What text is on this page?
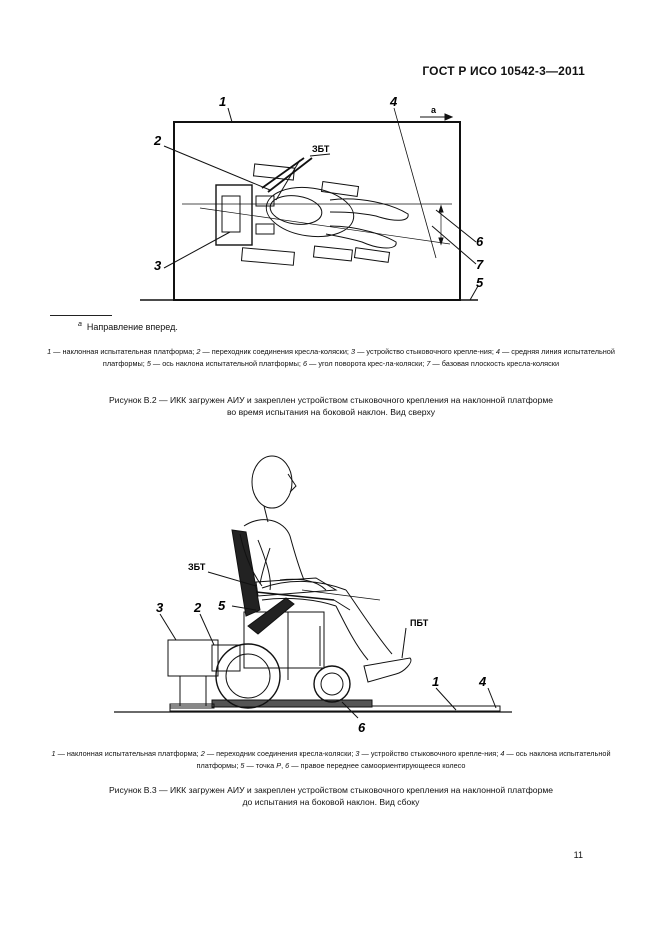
ГОСТ Р ИСО 10542-3—2011
1
2
3
4
5
6
7
ЗБТ
a
$^a$ Направление вперед.
1 — наклонная испытательная платформа; 2 — переходник соединения кресла-коляски; 3 — устройство стыковочного крепле-ния; 4 — средняя линия испытательной платформы; 5 — ось наклона испытательной платформы; 6 — угол поворота крес-ла-коляски; 7 — базовая плоскость кресла-коляски
Рисунок В.2 — ИКК загружен АИУ и закреплен устройством стыковочного крепления на наклонной платформе
во время испытания на боковой наклон. Вид сверху
3 2 5
1	4
6
ЗБТ
ПБТ
1 — наклонная испытательная платформа; 2 — переходник соединения кресла-коляски; 3 — устройство стыковочного крепле-ния; 4 — ось наклона испытательной платформы; 5 — точка P, 6 — правое переднее самоориентирующееся колесо
Рисунок В.3 — ИКК загружен АИУ и закреплен устройством стыковочного крепления на наклонной платформе
до испытания на боковой наклон. Вид сбоку
11
